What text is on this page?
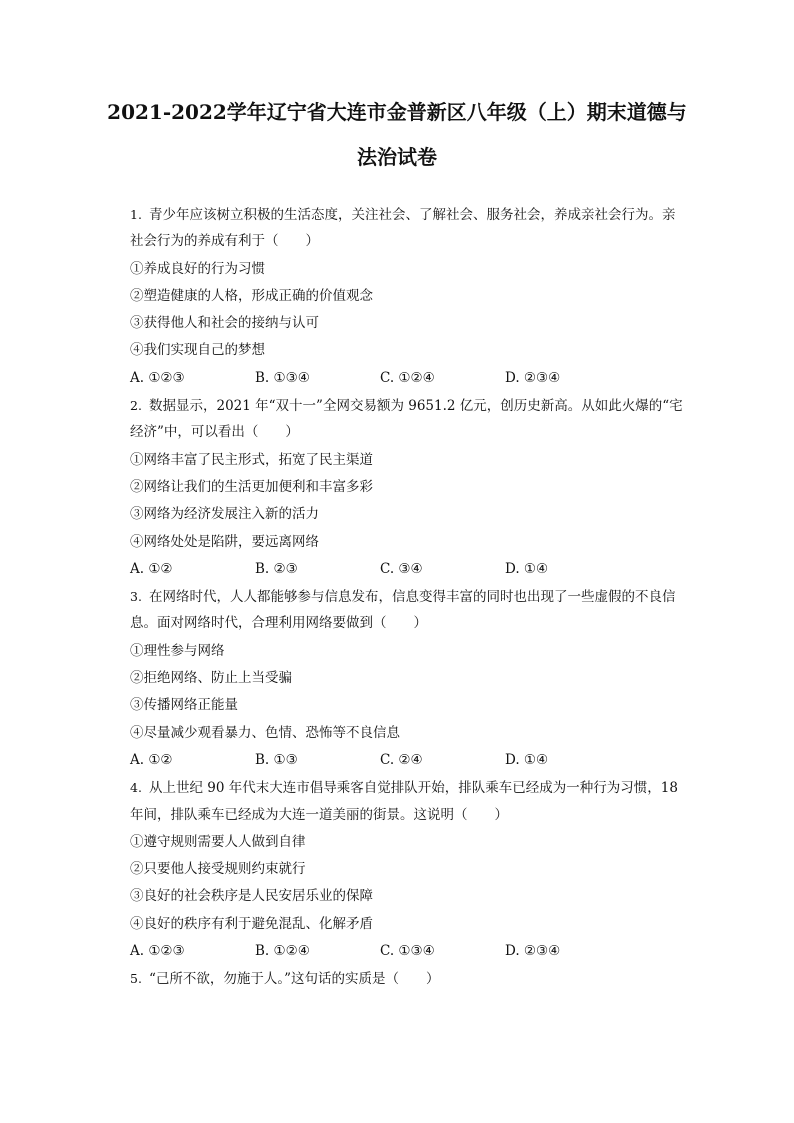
2021-2022学年辽宁省大连市金普新区八年级（上）期末道德与
法治试卷
1. 青少年应该树立积极的生活态度，关注社会、了解社会、服务社会，养成亲社会行为。亲
社会行为的养成有利于（　　）
①养成良好的行为习惯
②塑造健康的人格，形成正确的价值观念
③获得他人和社会的接纳与认可
④我们实现自己的梦想
A. ①②③	B. ①③④	C. ①②④	D. ②③④
2. 数据显示，2021 年“双十一”全网交易额为 9651.2 亿元，创历史新高。从如此火爆的“宅
经济”中，可以看出（　　）
①网络丰富了民主形式，拓宽了民主渠道
②网络让我们的生活更加便利和丰富多彩
③网络为经济发展注入新的活力
④网络处处是陷阱，要远离网络
A. ①②	B. ②③	C. ③④	D. ①④
3. 在网络时代，人人都能够参与信息发布，信息变得丰富的同时也出现了一些虚假的不良信
息。面对网络时代，合理利用网络要做到（　　）
①理性参与网络
②拒绝网络、防止上当受骗
③传播网络正能量
④尽量减少观看暴力、色情、恐怖等不良信息
A. ①②	B. ①③	C. ②④	D. ①④
4. 从上世纪 90 年代末大连市倡导乘客自觉排队开始，排队乘车已经成为一种行为习惯，18
年间，排队乘车已经成为大连一道美丽的街景。这说明（　　）
①遵守规则需要人人做到自律
②只要他人接受规则约束就行
③良好的社会秩序是人民安居乐业的保障
④良好的秩序有利于避免混乱、化解矛盾
A. ①②③	B. ①②④	C. ①③④	D. ②③④
5. “己所不欲，勿施于人。”这句话的实质是（　　）
